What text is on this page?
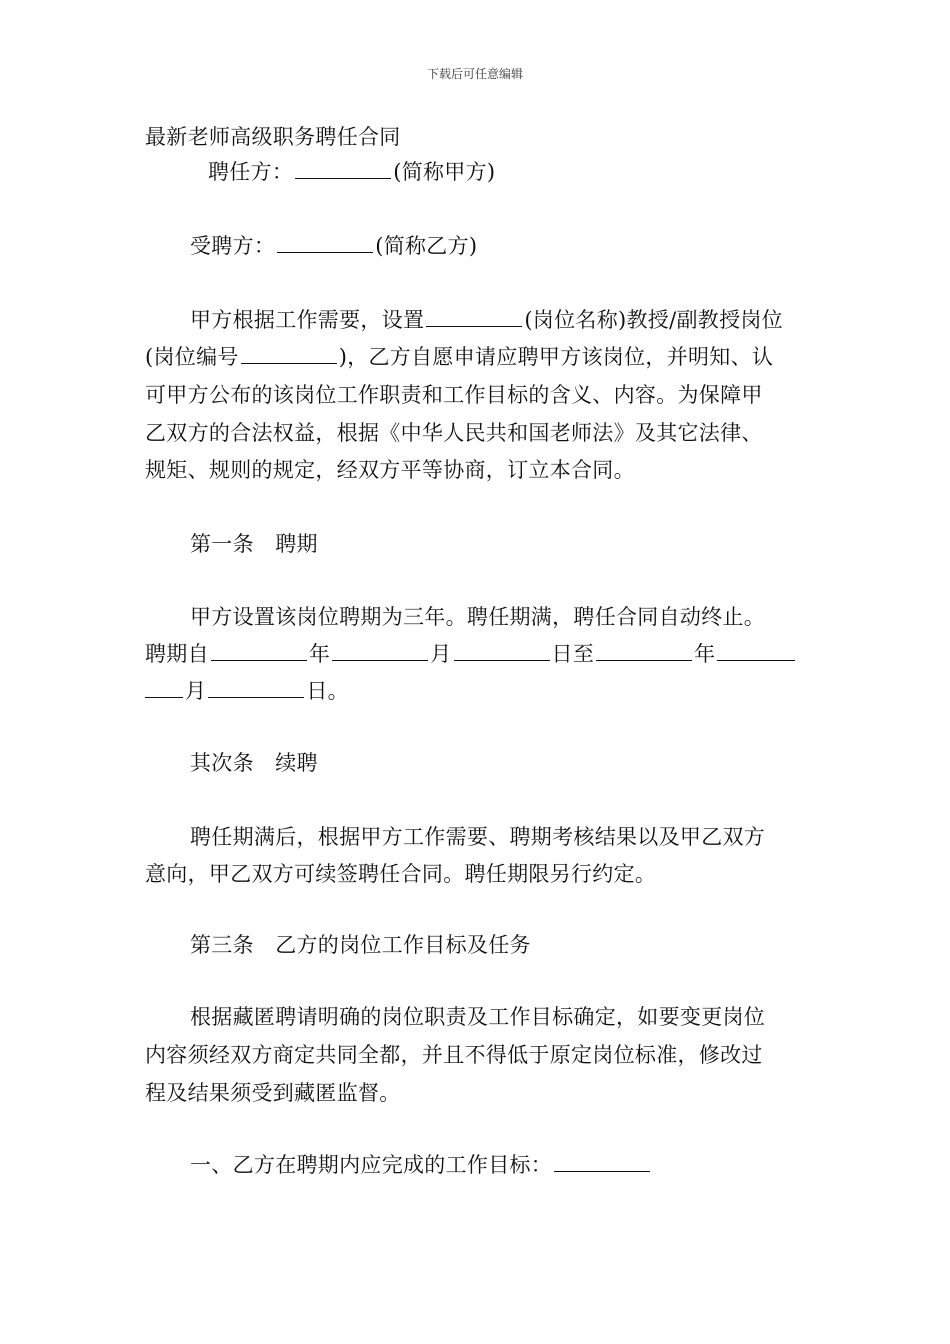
下载后可任意编辑
最新老师高级职务聘任合同
聘任方：	(简称甲方)
受聘方：	(简称乙方)
甲方根据工作需要，设置	(岗位名称)教授/副教授岗位
(岗位编号	)，乙方自愿申请应聘甲方该岗位，并明知、认
可甲方公布的该岗位工作职责和工作目标的含义、内容。为保障甲
乙双方的合法权益，根据《中华人民共和国老师法》及其它法律、
规矩、规则的规定，经双方平等协商，订立本合同。
第一条　聘期
甲方设置该岗位聘期为三年。聘任期满，聘任合同自动终止。
聘期自	年	月	日至	年
月	日。
其次条　续聘
聘任期满后，根据甲方工作需要、聘期考核结果以及甲乙双方
意向，甲乙双方可续签聘任合同。聘任期限另行约定。
第三条　乙方的岗位工作目标及任务
根据藏匿聘请明确的岗位职责及工作目标确定，如要变更岗位
内容须经双方商定共同全都，并且不得低于原定岗位标准，修改过
程及结果须受到藏匿监督。
一、乙方在聘期内应完成的工作目标：
